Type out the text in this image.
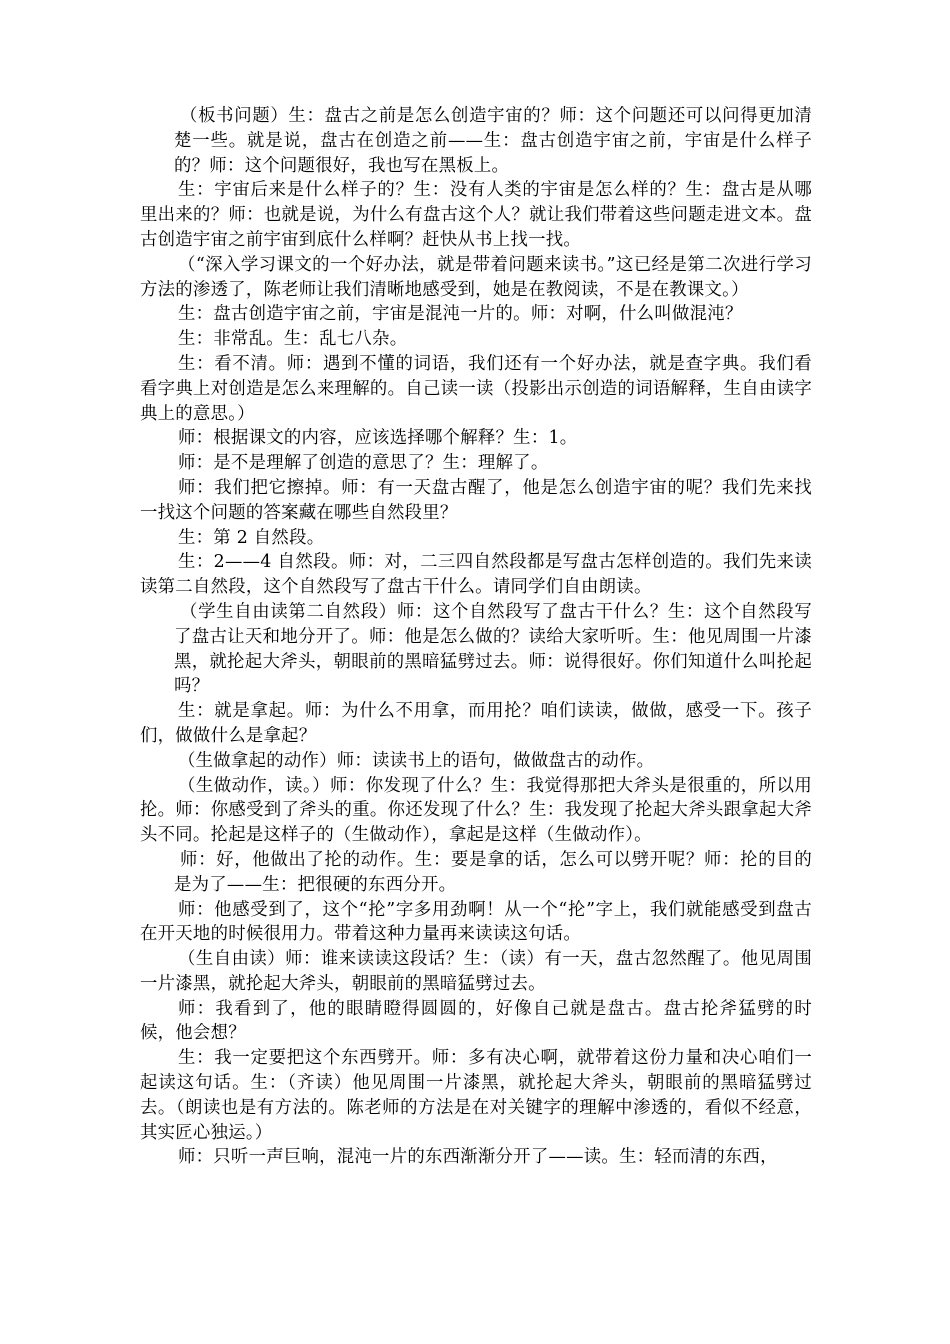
（板书问题）生：盘古之前是怎么创造宇宙的？师：这个问题还可以问得更加清楚一些。就是说，盘古在创造之前——生：盘古创造宇宙之前，宇宙是什么样子的？师：这个问题很好，我也写在黑板上。

生：宇宙后来是什么样子的？生：没有人类的宇宙是怎么样的？生：盘古是从哪里出来的？师：也就是说，为什么有盘古这个人？就让我们带着这些问题走进文本。盘古创造宇宙之前宇宙到底什么样啊？赶快从书上找一找。

（“深入学习课文的一个好办法，就是带着问题来读书。”这已经是第二次进行学习方法的渗透了，陈老师让我们清晰地感受到，她是在教阅读，不是在教课文。）

生：盘古创造宇宙之前，宇宙是混沌一片的。师：对啊，什么叫做混沌？

生：非常乱。生：乱七八杂。

生：看不清。师：遇到不懂的词语，我们还有一个好办法，就是查字典。我们看看字典上对创造是怎么来理解的。自己读一读（投影出示创造的词语解释，生自由读字典上的意思。）

师：根据课文的内容，应该选择哪个解释？生：1。

师：是不是理解了创造的意思了？生：理解了。

师：我们把它擦掉。师：有一天盘古醒了，他是怎么创造宇宙的呢？我们先来找一找这个问题的答案藏在哪些自然段里？

生：第 2 自然段。

生：2——4 自然段。师：对，二三四自然段都是写盘古怎样创造的。我们先来读读第二自然段，这个自然段写了盘古干什么。请同学们自由朗读。

（学生自由读第二自然段）师：这个自然段写了盘古干什么？生：这个自然段写了盘古让天和地分开了。师：他是怎么做的？读给大家听听。生：他见周围一片漆黑，就抡起大斧头，朝眼前的黑暗猛劈过去。师：说得很好。你们知道什么叫抡起吗？

生：就是拿起。师：为什么不用拿，而用抡？咱们读读，做做，感受一下。孩子们，做做什么是拿起？

（生做拿起的动作）师：读读书上的语句，做做盘古的动作。

（生做动作，读。）师：你发现了什么？生：我觉得那把大斧头是很重的，所以用抡。师：你感受到了斧头的重。你还发现了什么？生：我发现了抡起大斧头跟拿起大斧头不同。抡起是这样子的（生做动作），拿起是这样（生做动作）。

师：好，他做出了抡的动作。生：要是拿的话，怎么可以劈开呢？师：抡的目的是为了——生：把很硬的东西分开。

师：他感受到了，这个“抡”字多用劲啊！从一个“抡”字上，我们就能感受到盘古在开天地的时候很用力。带着这种力量再来读读这句话。

（生自由读）师：谁来读读这段话？生：（读）有一天，盘古忽然醒了。他见周围一片漆黑，就抡起大斧头，朝眼前的黑暗猛劈过去。

师：我看到了，他的眼睛瞪得圆圆的，好像自己就是盘古。盘古抡斧猛劈的时候，他会想？

生：我一定要把这个东西劈开。师：多有决心啊，就带着这份力量和决心咱们一起读这句话。生：（齐读）他见周围一片漆黑，就抡起大斧头，朝眼前的黑暗猛劈过去。（朗读也是有方法的。陈老师的方法是在对关键字的理解中渗透的，看似不经意，其实匠心独运。）

师：只听一声巨响，混沌一片的东西渐渐分开了——读。生：轻而清的东西，
